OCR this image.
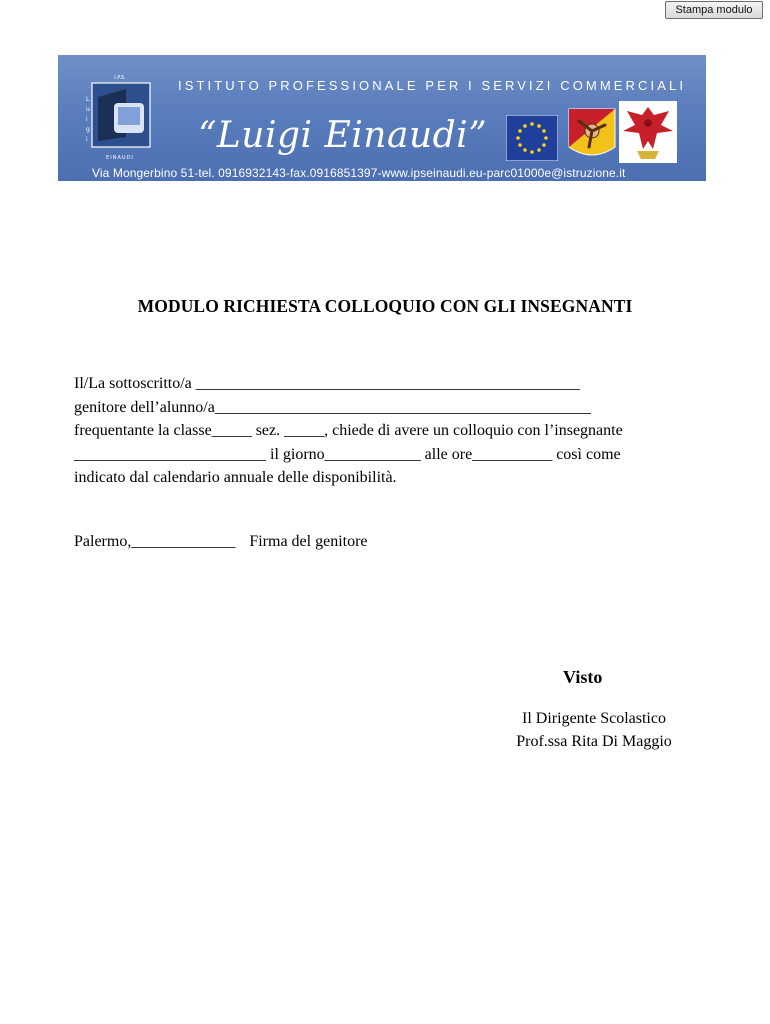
Stampa modulo
I.P.S.
EINAUDI
L
u
i
g
i
ISTITUTO PROFESSIONALE PER I SERVIZI COMMERCIALI
“Luigi Einaudi”
Via Mongerbino 51-tel. 0916932143-fax.0916851397-www.ipseinaudi.eu-parc01000e@istruzione.it
MODULO RICHIESTA COLLOQUIO CON GLI INSEGNANTI
Il/La sottoscritto/a ________________________________________________
genitore dell’alunno/a_______________________________________________
frequentante la classe_____ sez. _____, chiede di avere un colloquio con l’insegnante
________________________ il giorno____________ alle ore__________ così come
indicato dal calendario annuale delle disponibilità.

Palermo,_____________ Firma del genitore

Visto

Il Dirigente Scolastico
Prof.ssa Rita Di Maggio
